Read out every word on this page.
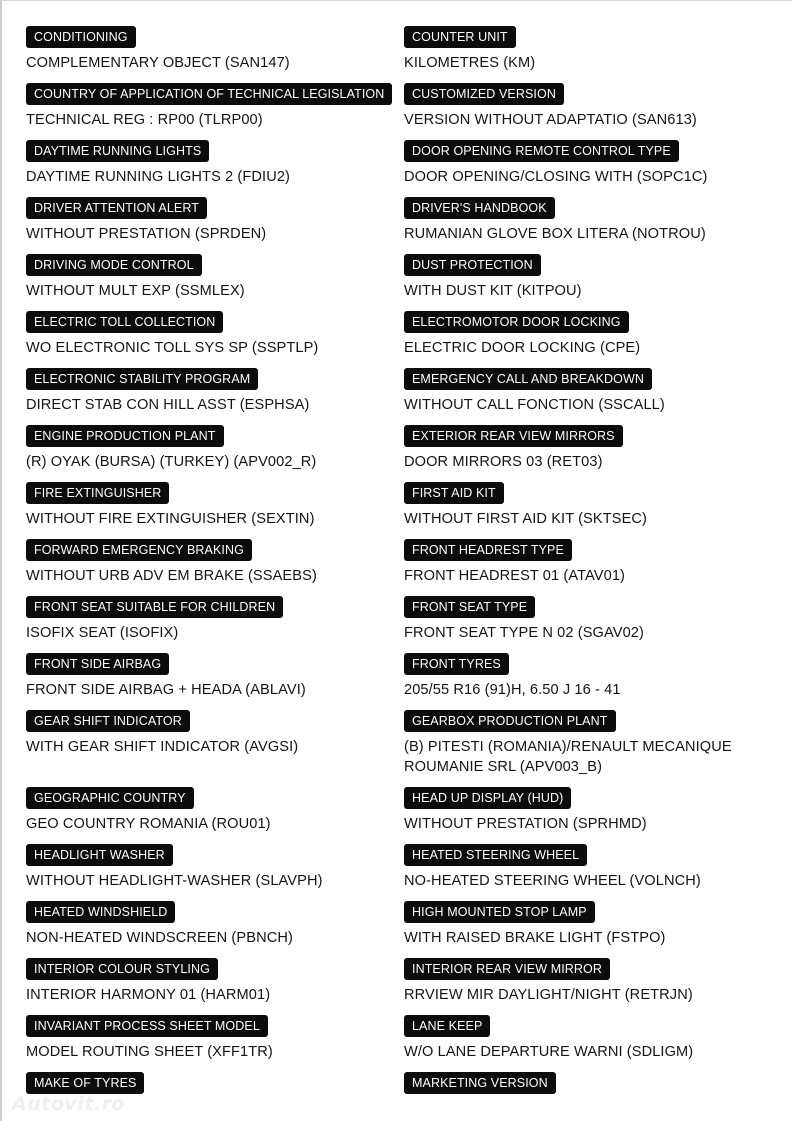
CONDITIONING
COMPLEMENTARY OBJECT (SAN147)
COUNTRY OF APPLICATION OF TECHNICAL LEGISLATION
TECHNICAL REG : RP00 (TLRP00)
DAYTIME RUNNING LIGHTS
DAYTIME RUNNING LIGHTS 2 (FDIU2)
DRIVER ATTENTION ALERT
WITHOUT PRESTATION (SPRDEN)
DRIVING MODE CONTROL
WITHOUT MULT EXP (SSMLEX)
ELECTRIC TOLL COLLECTION
WO ELECTRONIC TOLL SYS SP (SSPTLP)
ELECTRONIC STABILITY PROGRAM
DIRECT STAB CON HILL ASST (ESPHSA)
ENGINE PRODUCTION PLANT
(R) OYAK (BURSA) (TURKEY) (APV002_R)
FIRE EXTINGUISHER
WITHOUT FIRE EXTINGUISHER (SEXTIN)
FORWARD EMERGENCY BRAKING
WITHOUT URB ADV EM BRAKE (SSAEBS)
FRONT SEAT SUITABLE FOR CHILDREN
ISOFIX SEAT (ISOFIX)
FRONT SIDE AIRBAG
FRONT SIDE AIRBAG + HEADA (ABLAVI)
GEAR SHIFT INDICATOR
WITH GEAR SHIFT INDICATOR (AVGSI)
GEOGRAPHIC COUNTRY
GEO COUNTRY ROMANIA (ROU01)
HEADLIGHT WASHER
WITHOUT HEADLIGHT-WASHER (SLAVPH)
HEATED WINDSHIELD
NON-HEATED WINDSCREEN (PBNCH)
INTERIOR COLOUR STYLING
INTERIOR HARMONY 01 (HARM01)
INVARIANT PROCESS SHEET MODEL
MODEL ROUTING SHEET (XFF1TR)
MAKE OF TYRES
COUNTER UNIT
KILOMETRES (KM)
CUSTOMIZED VERSION
VERSION WITHOUT ADAPTATIO (SAN613)
DOOR OPENING REMOTE CONTROL TYPE
DOOR OPENING/CLOSING WITH (SOPC1C)
DRIVER'S HANDBOOK
RUMANIAN GLOVE BOX LITERA (NOTROU)
DUST PROTECTION
WITH DUST KIT (KITPOU)
ELECTROMOTOR DOOR LOCKING
ELECTRIC DOOR LOCKING (CPE)
EMERGENCY CALL AND BREAKDOWN
WITHOUT CALL FONCTION (SSCALL)
EXTERIOR REAR VIEW MIRRORS
DOOR MIRRORS 03 (RET03)
FIRST AID KIT
WITHOUT FIRST AID KIT (SKTSEC)
FRONT HEADREST TYPE
FRONT HEADREST 01 (ATAV01)
FRONT SEAT TYPE
FRONT SEAT TYPE N 02 (SGAV02)
FRONT TYRES
205/55 R16 (91)H, 6.50 J 16 - 41
GEARBOX PRODUCTION PLANT
(B) PITESTI (ROMANIA)/RENAULT MECANIQUE ROUMANIE SRL (APV003_B)
HEAD UP DISPLAY (HUD)
WITHOUT PRESTATION (SPRHMD)
HEATED STEERING WHEEL
NO-HEATED STEERING WHEEL (VOLNCH)
HIGH MOUNTED STOP LAMP
WITH RAISED BRAKE LIGHT (FSTPO)
INTERIOR REAR VIEW MIRROR
RRVIEW MIR DAYLIGHT/NIGHT (RETRJN)
LANE KEEP
W/O LANE DEPARTURE WARNI (SDLIGM)
MARKETING VERSION
Autovit.ro
